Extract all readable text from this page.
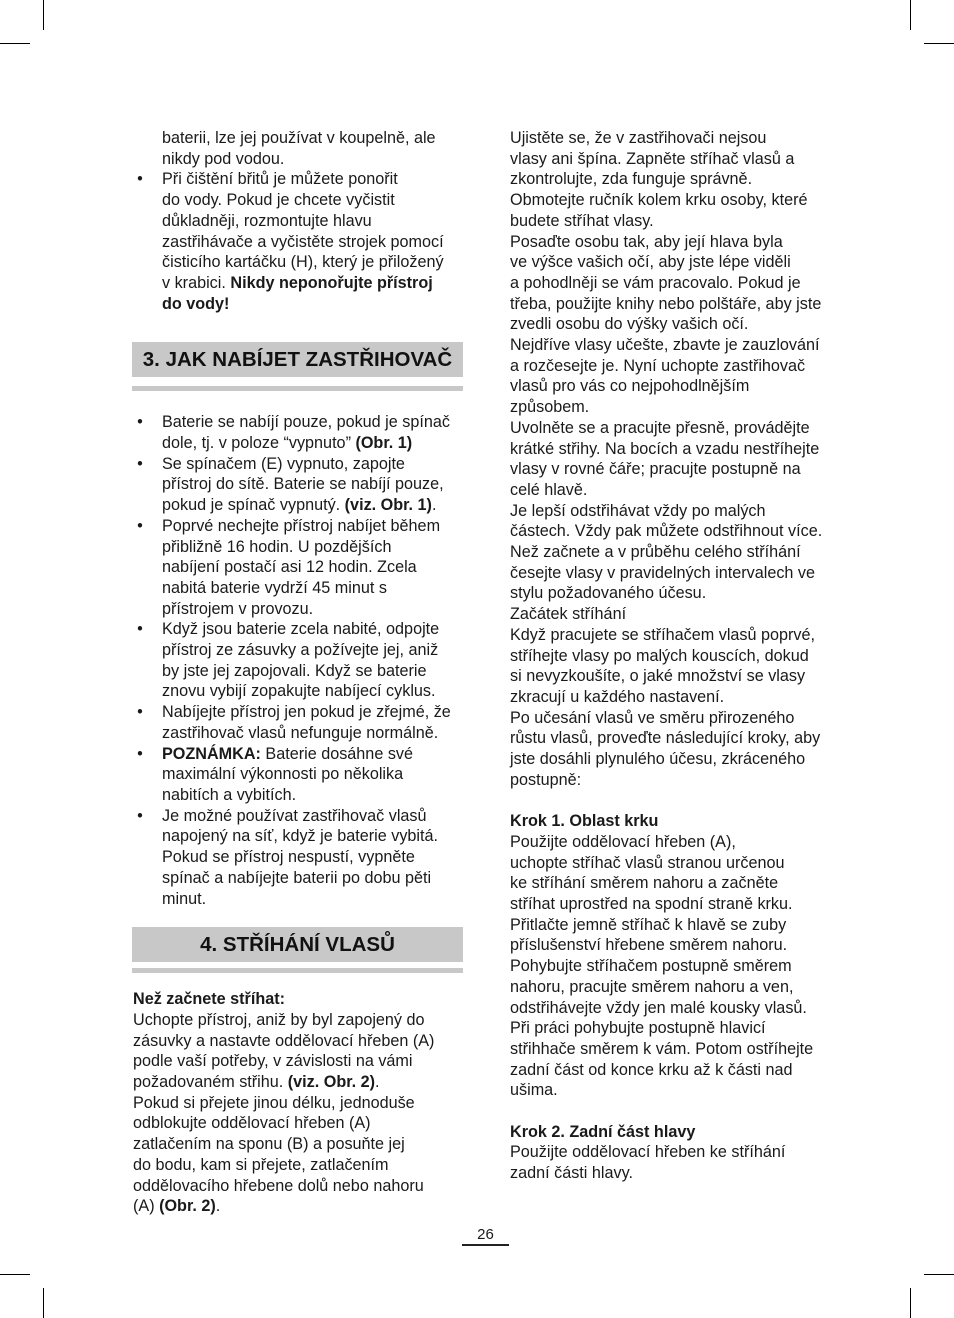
baterii, lze jej používat v koupelně, ale
nikdy pod vodou.

• Při čištění břitů je můžete ponořit
do vody. Pokud je chcete vyčistit
důkladněji, rozmontujte hlavu
zastřihávače a vyčistěte strojek pomocí
čisticího kartáčku (H), který je přiložený
v krabici. Nikdy neponořujte přístroj
do vody!
3. JAK NABÍJET ZASTŘIHOVAČ
• Baterie se nabíjí pouze, pokud je spínač
dole, tj. v poloze “vypnuto” (Obr. 1)
• Se spínačem (E) vypnuto, zapojte
přístroj do sítě. Baterie se nabíjí pouze,
pokud je spínač vypnutý. (viz. Obr. 1).
• Poprvé nechejte přístroj nabíjet během
přibližně 16 hodin. U pozdějších
nabíjení postačí asi 12 hodin. Zcela
nabitá baterie vydrží 45 minut s
přístrojem v provozu.
• Když jsou baterie zcela nabité, odpojte
přístroj ze zásuvky a požívejte jej, aniž
by jste jej zapojovali. Když se baterie
znovu vybijí zopakujte nabíjecí cyklus.
• Nabíjejte přístroj jen pokud je zřejmé, že
zastřihovač vlasů nefunguje normálně.
• POZNÁMKA: Baterie dosáhne své
maximální výkonnosti po několika
nabitích a vybitích.
• Je možné používat zastřihovač vlasů
napojený na síť, když je baterie vybitá.
Pokud se přístroj nespustí, vypněte
spínač a nabíjejte baterii po dobu pěti
minut.
4. STŘÍHÁNÍ VLASŮ

Než začnete stříhat:
Uchopte přístroj, aniž by byl zapojený do
zásuvky a nastavte oddělovací hřeben (A)
podle vaší potřeby, v závislosti na vámi
požadovaném střihu. (viz. Obr. 2).
Pokud si přejete jinou délku, jednoduše
odblokujte oddělovací hřeben (A)
zatlačením na sponu (B) a posuňte jej
do bodu, kam si přejete, zatlačením
oddělovacího hřebene dolů nebo nahoru
(A) (Obr. 2).

Ujistěte se, že v zastřihovači nejsou
vlasy ani špína. Zapněte stříhač vlasů a
zkontrolujte, zda funguje správně.
Obmotejte ručník kolem krku osoby, které
budete stříhat vlasy.
Posaďte osobu tak, aby její hlava byla
ve výšce vašich očí, aby jste lépe viděli
a pohodlněji se vám pracovalo. Pokud je
třeba, použijte knihy nebo polštáře, aby jste
zvedli osobu do výšky vašich očí.
Nejdříve vlasy učešte, zbavte je zauzlování
a rozčesejte je. Nyní uchopte zastřihovač
vlasů pro vás co nejpohodlnějším
způsobem.
Uvolněte se a pracujte přesně, provádějte
krátké střihy. Na bocích a vzadu nestříhejte
vlasy v rovné čáře; pracujte postupně na
celé hlavě.
Je lepší odstřihávat vždy po malých
částech. Vždy pak můžete odstřihnout více.
Než začnete a v průběhu celého stříhání
česejte vlasy v pravidelných intervalech ve
stylu požadovaného účesu.
Začátek stříhání
Když pracujete se stříhačem vlasů poprvé,
stříhejte vlasy po malých kouscích, dokud
si nevyzkoušíte, o jaké množství se vlasy
zkracují u každého nastavení.
Po učesání vlasů ve směru přirozeného
růstu vlasů, proveďte následující kroky, aby
jste dosáhli plynulého účesu, zkráceného
postupně:

Krok 1. Oblast krku
Použijte oddělovací hřeben (A),
uchopte stříhač vlasů stranou určenou
ke stříhání směrem nahoru a začněte
stříhat uprostřed na spodní straně krku.
Přitlačte jemně stříhač k hlavě se zuby
příslušenství hřebene směrem nahoru.
Pohybujte stříhačem postupně směrem
nahoru, pracujte směrem nahoru a ven,
odstřihávejte vždy jen malé kousky vlasů.
Při práci pohybujte postupně hlavicí
střihhače směrem k vám. Potom ostříhejte
zadní část od konce krku až k části nad
ušima.

Krok 2. Zadní část hlavy
Použijte oddělovací hřeben ke stříhání
zadní části hlavy.

26
